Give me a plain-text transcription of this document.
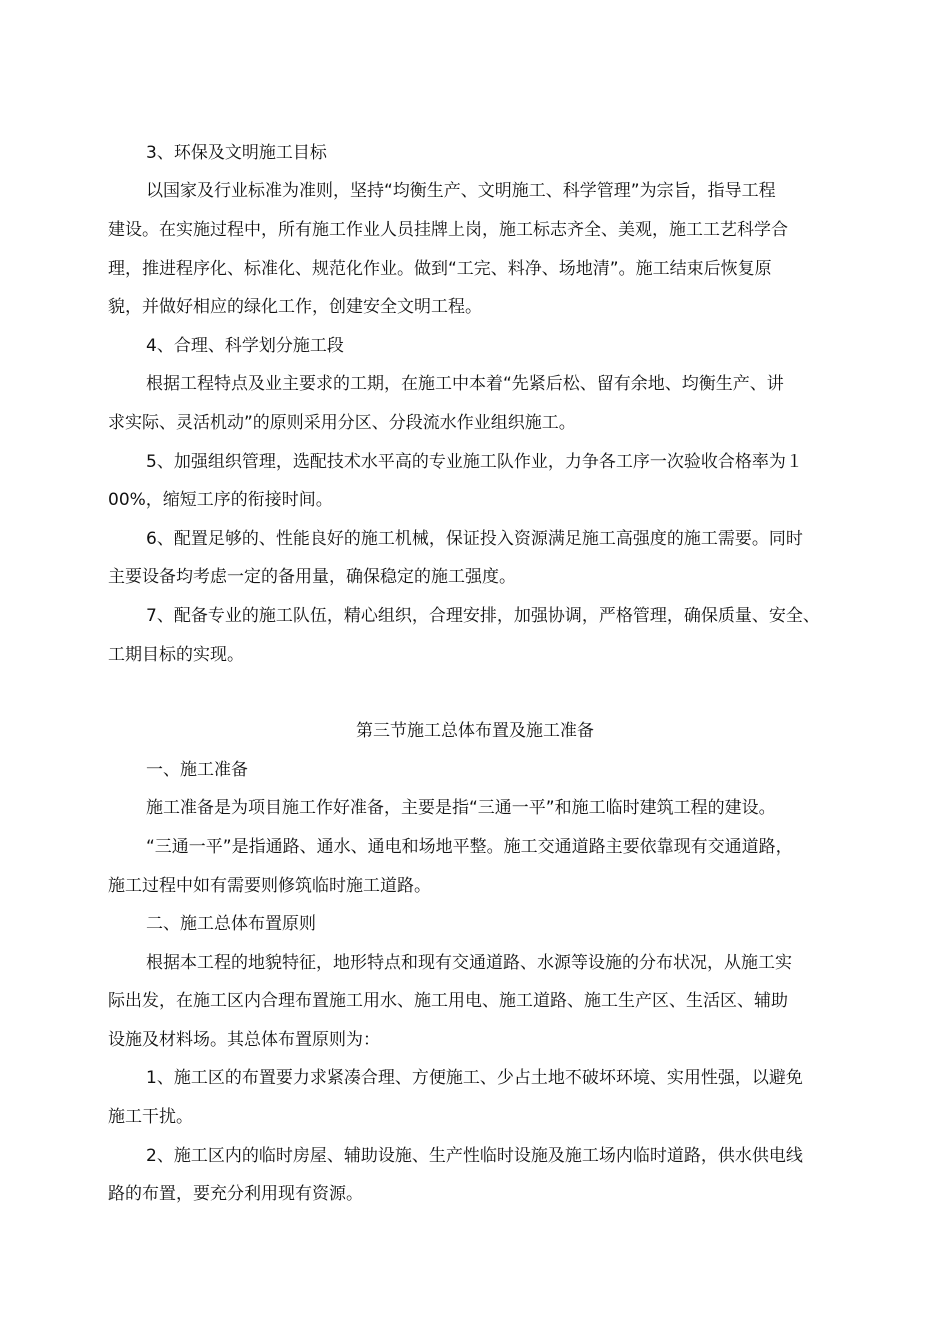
3、环保及文明施工目标
以国家及行业标准为准则，坚持“均衡生产、文明施工、科学管理”为宗旨，指导工程
建设。在实施过程中，所有施工作业人员挂牌上岗，施工标志齐全、美观，施工工艺科学合
理，推进程序化、标准化、规范化作业。做到“工完、料净、场地清”。施工结束后恢复原
貌，并做好相应的绿化工作，创建安全文明工程。
4、合理、科学划分施工段
根据工程特点及业主要求的工期，在施工中本着“先紧后松、留有余地、均衡生产、讲
求实际、灵活机动”的原则采用分区、分段流水作业组织施工。
5、加强组织管理，选配技术水平高的专业施工队作业，力争各工序一次验收合格率为１
00%，缩短工序的衔接时间。
6、配置足够的、性能良好的施工机械，保证投入资源满足施工高强度的施工需要。同时
主要设备均考虑一定的备用量，确保稳定的施工强度。
7、配备专业的施工队伍，精心组织，合理安排，加强协调，严格管理，确保质量、安全、
工期目标的实现。
第三节施工总体布置及施工准备
一、施工准备
施工准备是为项目施工作好准备，主要是指“三通一平”和施工临时建筑工程的建设。
“三通一平”是指通路、通水、通电和场地平整。施工交通道路主要依靠现有交通道路，
施工过程中如有需要则修筑临时施工道路。
二、施工总体布置原则
根据本工程的地貌特征，地形特点和现有交通道路、水源等设施的分布状况，从施工实
际出发，在施工区内合理布置施工用水、施工用电、施工道路、施工生产区、生活区、辅助
设施及材料场。其总体布置原则为：
1、施工区的布置要力求紧凑合理、方便施工、少占土地不破坏环境、实用性强，以避免
施工干扰。
2、施工区内的临时房屋、辅助设施、生产性临时设施及施工场内临时道路，供水供电线
路的布置，要充分利用现有资源。
